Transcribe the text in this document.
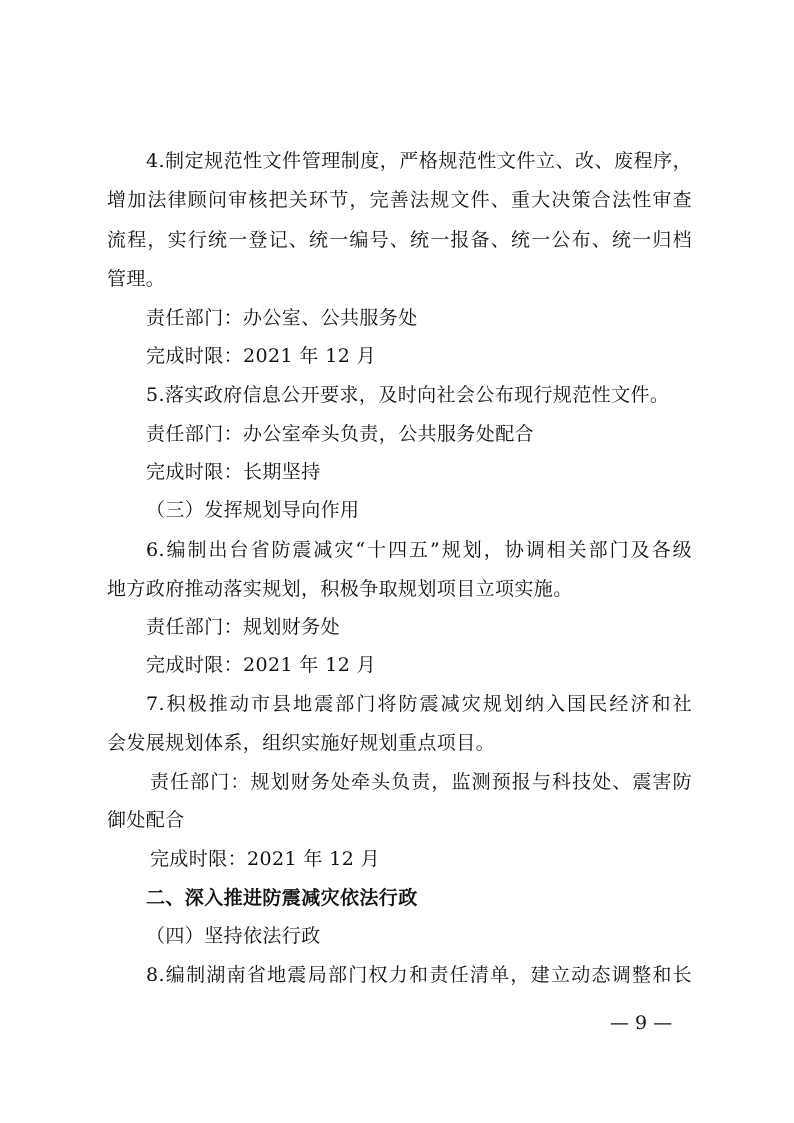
4.制定规范性文件管理制度，严格规范性文件立、改、废程序，
增加法律顾问审核把关环节，完善法规文件、重大决策合法性审查
流程，实行统一登记、统一编号、统一报备、统一公布、统一归档
管理。
责任部门：办公室、公共服务处
完成时限：2021 年 12 月
5.落实政府信息公开要求，及时向社会公布现行规范性文件。
责任部门：办公室牵头负责，公共服务处配合
完成时限：长期坚持
（三）发挥规划导向作用
6.编制出台省防震减灾“十四五”规划，协调相关部门及各级
地方政府推动落实规划，积极争取规划项目立项实施。
责任部门：规划财务处
完成时限：2021 年 12 月
7.积极推动市县地震部门将防震减灾规划纳入国民经济和社
会发展规划体系，组织实施好规划重点项目。
责任部门：规划财务处牵头负责，监测预报与科技处、震害防
御处配合
完成时限：2021 年 12 月
二、深入推进防震减灾依法行政
（四）坚持依法行政
8.编制湖南省地震局部门权力和责任清单，建立动态调整和长
— 9 —
